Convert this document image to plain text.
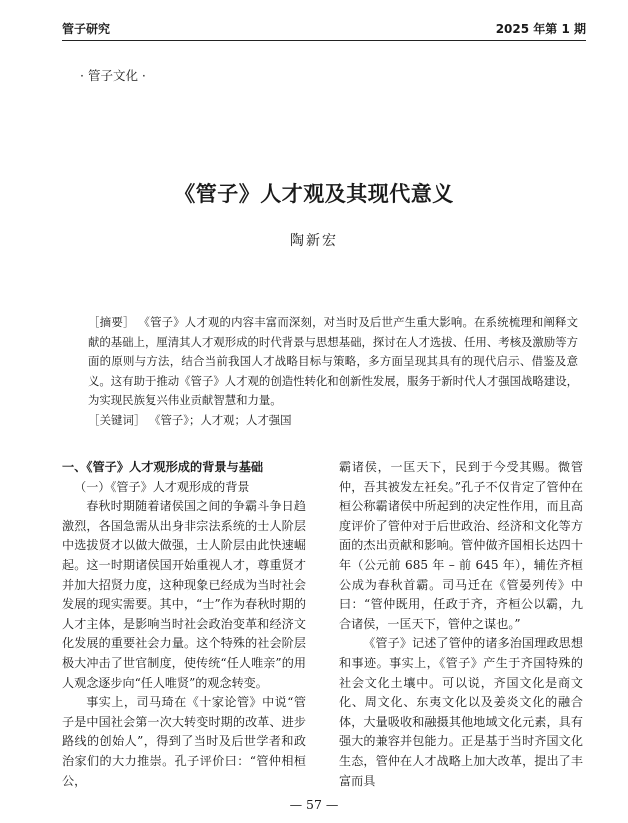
管子研究	2025 年第 1 期
· 管子文化 ·
《管子》人才观及其现代意义
陶新宏

［摘要］ 《管子》人才观的内容丰富而深刻，对当时及后世产生重大影响。在系统梳理和阐释文献的基础上，厘清其人才观形成的时代背景与思想基础，探讨在人才选拔、任用、考核及激励等方面的原则与方法，结合当前我国人才战略目标与策略，多方面呈现其具有的现代启示、借鉴及意义。这有助于推动《管子》人才观的创造性转化和创新性发展，服务于新时代人才强国战略建设，为实现民族复兴伟业贡献智慧和力量。

［关键词］ 《管子》；人才观；人才强国

一、《管子》人才观形成的背景与基础

（一）《管子》人才观形成的背景

春秋时期随着诸侯国之间的争霸斗争日趋激烈，各国急需从出身非宗法系统的士人阶层中选拔贤才以做大做强，士人阶层由此快速崛起。这一时期诸侯国开始重视人才，尊重贤才并加大招贤力度，这种现象已经成为当时社会发展的现实需要。其中，“士”作为春秋时期的人才主体，是影响当时社会政治变革和经济文化发展的重要社会力量。这个特殊的社会阶层极大冲击了世官制度，使传统“任人唯亲”的用人观念逐步向“任人唯贤”的观念转变。

事实上，司马琦在《十家论管》中说“管子是中国社会第一次大转变时期的改革、进步路线的创始人”，得到了当时及后世学者和政治家们的大力推崇。孔子评价曰：“管仲相桓公，

霸诸侯，一匡天下，民到于今受其赐。微管仲，吾其被发左衽矣。”孔子不仅肯定了管仲在桓公称霸诸侯中所起到的决定性作用，而且高度评价了管仲对于后世政治、经济和文化等方面的杰出贡献和影响。管仲做齐国相长达四十年（公元前 685 年 – 前 645 年），辅佐齐桓公成为春秋首霸。司马迁在《管晏列传》中曰：“管仲既用，任政于齐，齐桓公以霸，九合诸侯，一匡天下，管仲之谋也。”

《管子》记述了管仲的诸多治国理政思想和事迹。事实上，《管子》产生于齐国特殊的社会文化土壤中。可以说，齐国文化是商文化、周文化、东夷文化以及姜炎文化的融合体，大量吸收和融摄其他地域文化元素，具有强大的兼容并包能力。正是基于当时齐国文化生态，管仲在人才战略上加大改革，提出了丰富而具

— 57 —
